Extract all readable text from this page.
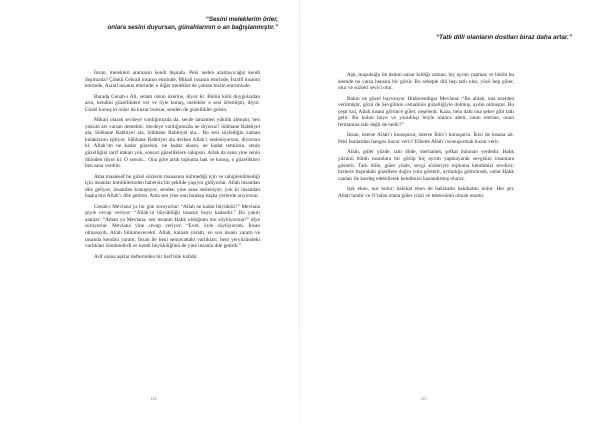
“Sesini meleklerim örler,
onlara sesini duyursan, günahlarının o an bağışlanmıştır.”

İnsan, melekleri aramasın kendi dışında. Peki neden aramayıcağız kendi dışımızda? Çünkü Cebrail insanın emrinde, Mikail insanın emrinde, İsrafil insanın emrinde, Azrail insanın emrinde; e diğer melekler de çoktan bizim emrimizde.

Burada Cenab-ı Ali, selam olsun üzerine, diyor ki: Bütün kötü duygulardan arın, kendini güzelliklere ver ve öyle konuş, melekler o sesi örlemiştir, diyor. Güzel konuş ki onlar da huzur bulsun, senden de güzellikler gelsin.

Mikail olarak secdeye vardığımızda da, secde tamamen yüklük almıştır, ben yokum ars varsan demektir. Secdeye vardığımızda ne diyoruz? Sübhane Rabbiyel ala, Sübhane Rabbiyel ala, Sübhane Rabbiyel ala... Bu sesi söylediğin zaman kulaklarını işitiyor. Sübhane Rabbiyel ala derken Allah’ı sesleniyorsun, diyorsun ki: Allah’ım ne kadar güzelsin, ne kadar alasın, ne kadar temizsin, senin güzelliğini tarif imkan yok, sonsuz güzelliklere sahipsin. Allah da sana yine senin dilinden diyor ki: O sensin... Ona göre artık topluma bak ve konuş, o güzellikleri ben sana verdim.

Ama maalesef bu güzel sözlerin manasına inilmediği için ve sahiplenilmediği için insanlar kimliklerinden habersiz bir şekilde yaşıyor gidiyorlar. Allah insandan dile geliyor, insandan konuşuyor, senden yine sana sesleniyor; yok ki insandan başka biri Allah’ı dile getiren. Ama sen yine onu bırakıp başka yerlerde arıyorsun.

Cenab-ı Mevlana’ya bir gün soruyorlar: “Allah ne kadar büyüktür?” Mevlana şöyle cevap veriyor: “Allah’ın büyüklüğü insanın boyu kadardır.” Bu yanıtı alanlar: “Aman ya Mevlana, sen insanın Hakk olduğunu mu söylüyorsun?” diye soruyorlar. Mevlana yine cevap veriyor: “Evet, öyle söylüyorum. İnsan olmasaydı, Allah bilinmeyecekti. Allah, kainatı yarattı, en son insanı yarattı ve insanda kendini yarattı. İnsan ile beni semavattaki varlıkları, hem yeryüzündeki varlıkları isimlendirdi ve kendi büyüklüğünü de yine insanla dile getirdi.”

Arif olana aşklar defterinden bir harf bile kafidir.

114
“Tatlı dilli olanların dostları biraz daha artar.”

Aşk, maşukuğu ile daümi nazar kıldığı zaman, hiç ayrım yapmaz ve bütün bu alemde ne varsa hepsini bir görür. Bu sebeple dili hep tatlı olur, yüzü hep güler, olur ve sözleri sevici olur.

Bakın ne güzel buyuruyor Hüdavendigar Mevlana: “Bu ahlak, ona ezelden verilmiştir, gözii de Sevgilinin cemalinin güzelliğiyle dolmuş, aydın olmuştur. Bu çeşit kul, Allah insanı görünce güler, neşelenir. Kaza, bela dahi ona şeker gibi tatlı gelir. Bu kulun huyu ve yaradılışı böyle olunca alem, onun emrine, onun fermanina tabi değil de nedir?”

İnsan, isterse Allah’ı konuşurur, isterse İblis’i konuşurur. İkisi de insana ait. Peki bunlardan hangisi huzur verir? Elbette Allah’ı konuşurmak huzur verir.

Allah, güler yüzde, tatlı dilde, merhamet, şefkat bulunan yerdedir. Hakk yüzünü bütün insanlara bir görüp hiç ayrım yapmayarak sevgisini insanlara gösterir. Tatlı dille, güler yüzle, sevgi sözleriyle topluma kendimizi sevdirir; bizlerle başındaki güzellere doğru yolu gösterir, aydınlığa götürürsek, onlar Hakk canları ile kardeg edebilirsek kendimizi kazandırmış oluruz.

Işık eken, nur bulur; hakikat eken de hakikatin hakikatini bulur. Her şey Allah’tandır ve O’ndan olana güler yüzü ve tebessümü olmak esastır.

115
